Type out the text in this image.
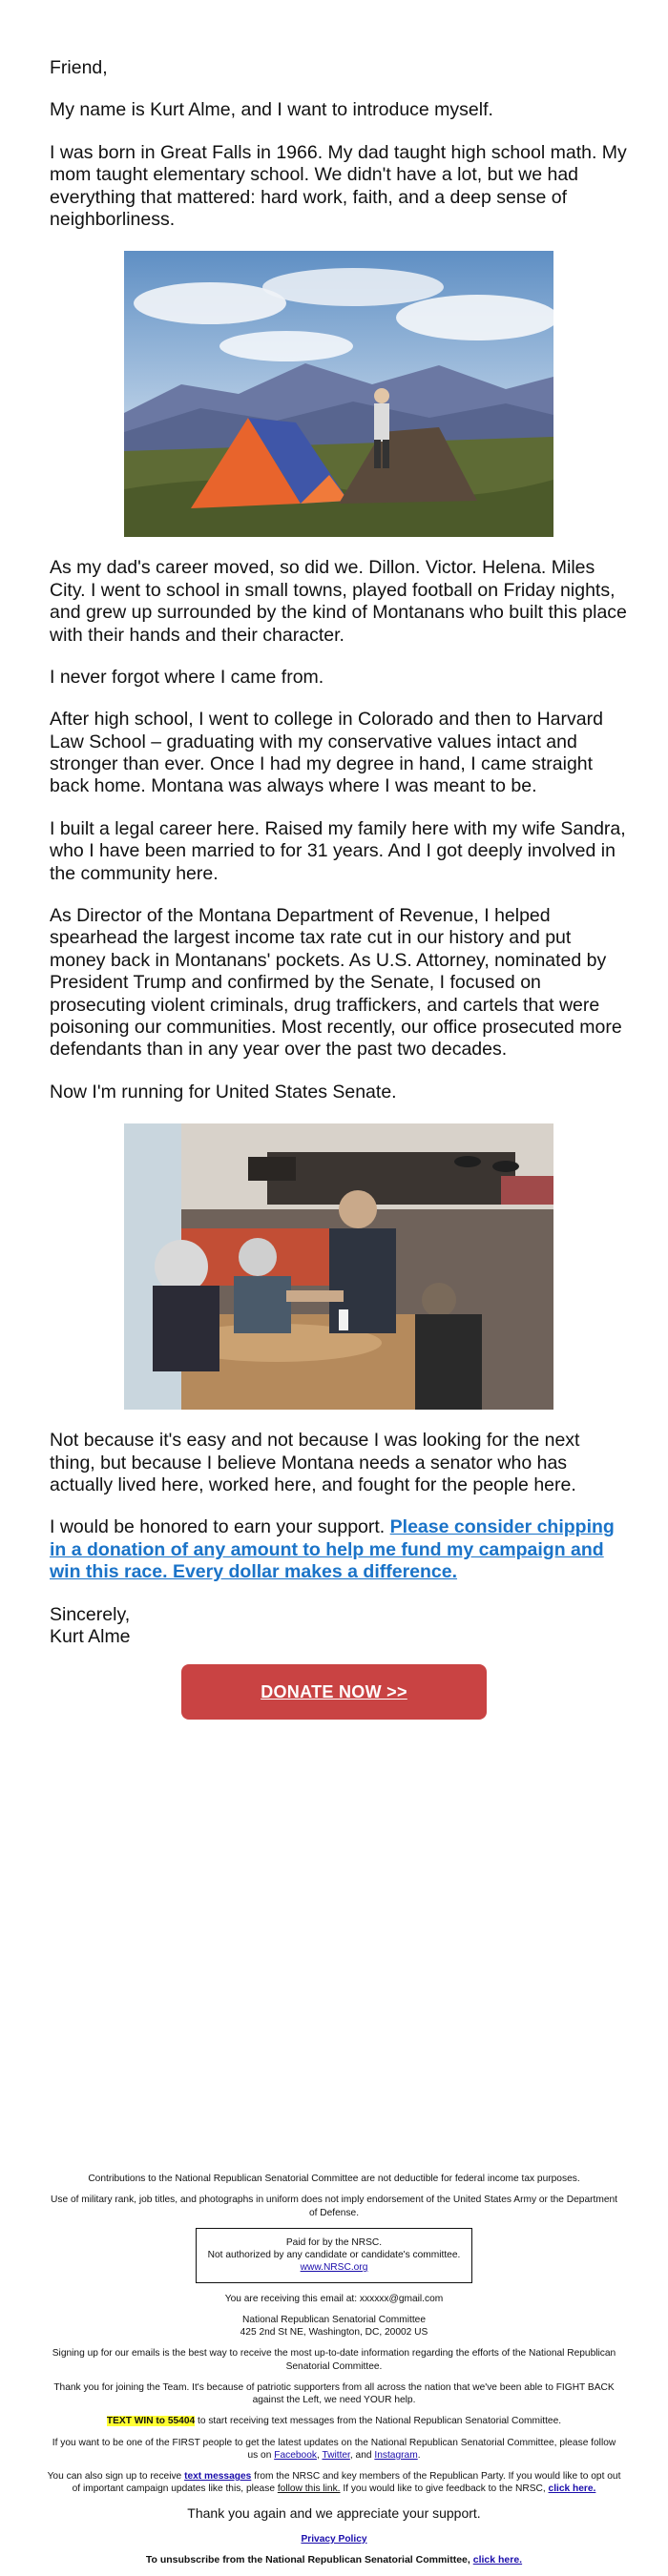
Friend,

My name is Kurt Alme, and I want to introduce myself.

I was born in Great Falls in 1966. My dad taught high school math. My mom taught elementary school. We didn't have a lot, but we had everything that mattered: hard work, faith, and a deep sense of neighborliness.

As my dad's career moved, so did we. Dillon. Victor. Helena. Miles City. I went to school in small towns, played football on Friday nights, and grew up surrounded by the kind of Montanans who built this place with their hands and their character.

I never forgot where I came from.

After high school, I went to college in Colorado and then to Harvard Law School – graduating with my conservative values intact and stronger than ever. Once I had my degree in hand, I came straight back home. Montana was always where I was meant to be.

I built a legal career here. Raised my family here with my wife Sandra, who I have been married to for 31 years. And I got deeply involved in the community here.

As Director of the Montana Department of Revenue, I helped spearhead the largest income tax rate cut in our history and put money back in Montanans' pockets. As U.S. Attorney, nominated by President Trump and confirmed by the Senate, I focused on prosecuting violent criminals, drug traffickers, and cartels that were poisoning our communities. Most recently, our office prosecuted more defendants than in any year over the past two decades.

Now I'm running for United States Senate.

Not because it's easy and not because I was looking for the next thing, but because I believe Montana needs a senator who has actually lived here, worked here, and fought for the people here.

I would be honored to earn your support. Please consider chipping in a donation of any amount to help me fund my campaign and win this race. Every dollar makes a difference.

Sincerely,
Kurt Alme

DONATE NOW >>

Contributions to the National Republican Senatorial Committee are not deductible for federal income tax purposes.

Use of military rank, job titles, and photographs in uniform does not imply endorsement of the United States Army or the Department of Defense.

Paid for by the NRSC.
Not authorized by any candidate or candidate's committee.
www.NRSC.org

You are receiving this email at: xxxxxx@gmail.com

National Republican Senatorial Committee
425 2nd St NE, Washington, DC, 20002 US

Signing up for our emails is the best way to receive the most up-to-date information regarding the efforts of the National Republican Senatorial Committee.

Thank you for joining the Team. It's because of patriotic supporters from all across the nation that we've been able to FIGHT BACK against the Left, we need YOUR help.

TEXT WIN to 55404 to start receiving text messages from the National Republican Senatorial Committee.

If you want to be one of the FIRST people to get the latest updates on the National Republican Senatorial Committee, please follow us on Facebook, Twitter, and Instagram.

You can also sign up to receive text messages from the NRSC and key members of the Republican Party. If you would like to opt out of important campaign updates like this, please follow this link. If you would like to give feedback to the NRSC, click here.

Thank you again and we appreciate your support.

Privacy Policy

To unsubscribe from the National Republican Senatorial Committee, click here.
